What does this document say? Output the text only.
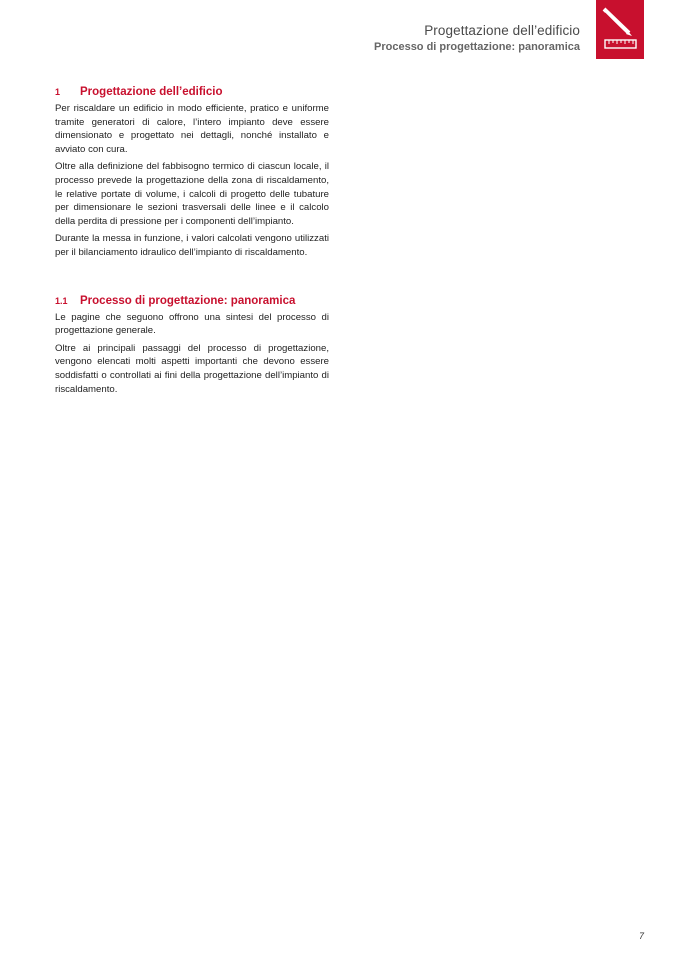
Progettazione dell’edificio
Processo di progettazione: panoramica
1	Progettazione dell’edificio

Per riscaldare un edificio in modo efficiente, pratico e uniforme tramite generatori di calore, l’intero impianto deve essere dimensionato e progettato nei dettagli, nonché installato e avviato con cura.

Oltre alla definizione del fabbisogno termico di ciascun locale, il processo prevede la progettazione della zona di riscaldamento, le relative portate di volume, i calcoli di progetto delle tubature per dimensionare le sezioni trasversali delle linee e il calcolo della perdita di pressione per i componenti dell’impianto.

Durante la messa in funzione, i valori calcolati vengono utilizzati per il bilanciamento idraulico dell’impianto di riscaldamento.

1.1	Processo di progettazione: panoramica

Le pagine che seguono offrono una sintesi del processo di progettazione generale.

Oltre ai principali passaggi del processo di progettazione, vengono elencati molti aspetti importanti che devono essere soddisfatti o controllati ai fini della progettazione dell’impianto di riscaldamento.

7
